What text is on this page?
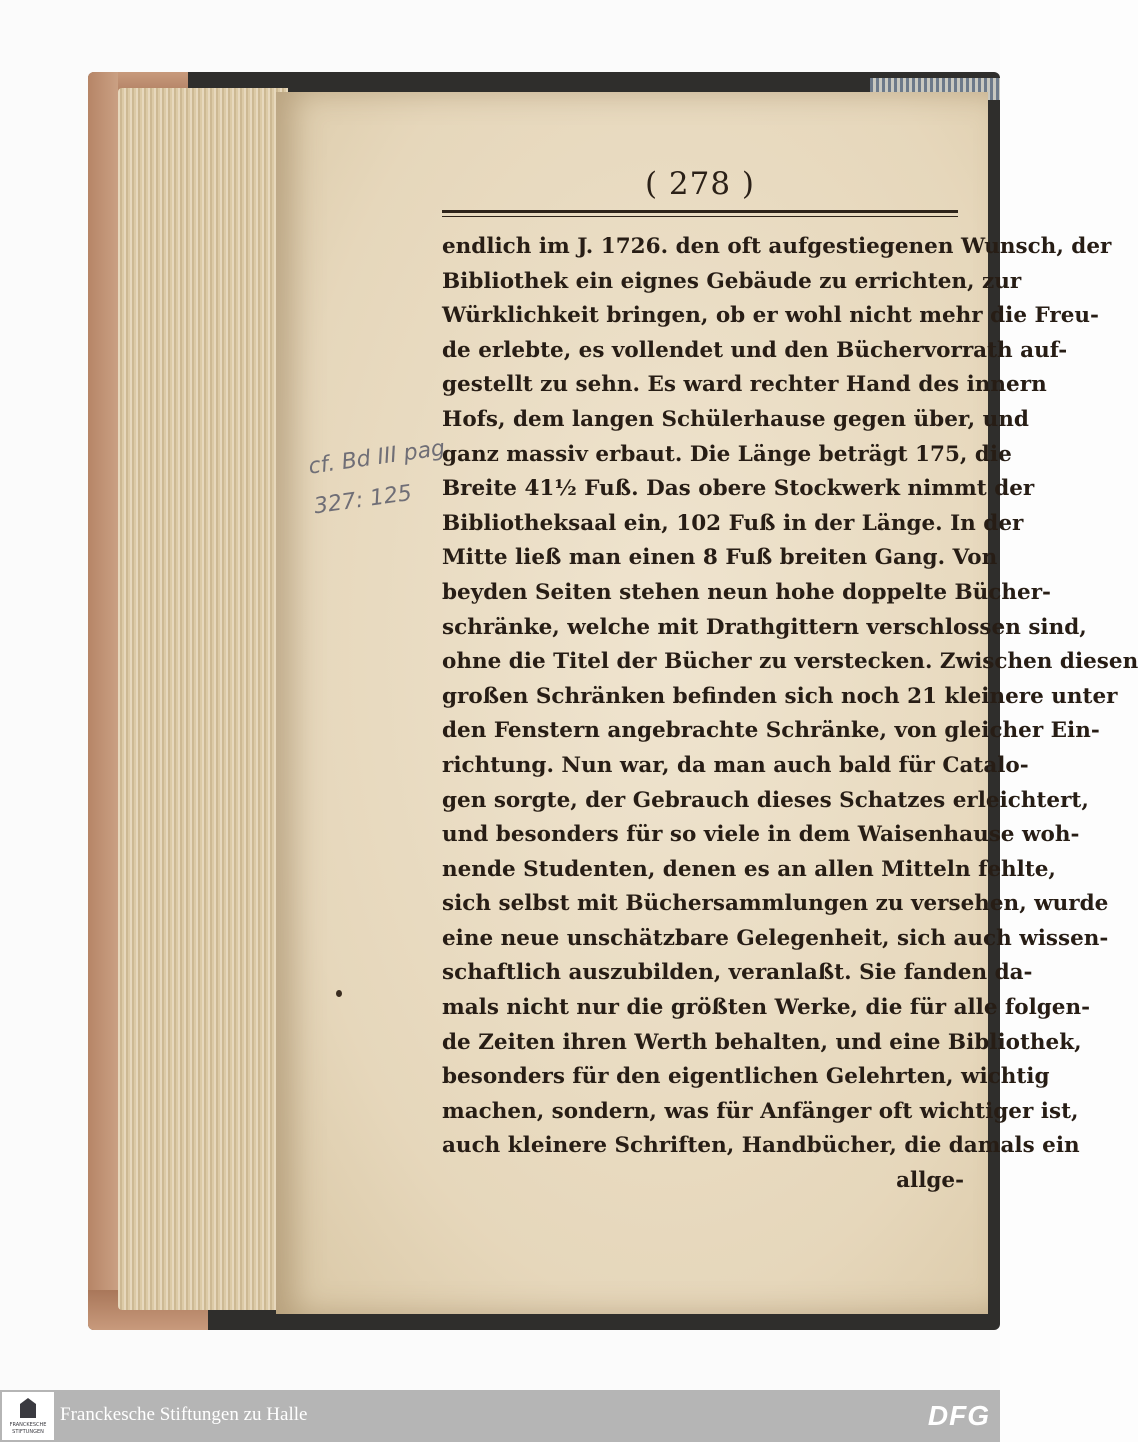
( 278 )
endlich im J. 1726. den oft aufgestiegenen Wunsch, der
Bibliothek ein eignes Gebäude zu errichten, zur
Würklichkeit bringen, ob er wohl nicht mehr die Freu-
de erlebte, es vollendet und den Büchervorrath auf-
gestellt zu sehn. Es ward rechter Hand des innern
Hofs, dem langen Schülerhause gegen über, und
ganz massiv erbaut. Die Länge beträgt 175, die
Breite 41½ Fuß. Das obere Stockwerk nimmt der
Bibliotheksaal ein, 102 Fuß in der Länge. In der
Mitte ließ man einen 8 Fuß breiten Gang. Von
beyden Seiten stehen neun hohe doppelte Bücher-
schränke, welche mit Drathgittern verschlossen sind,
ohne die Titel der Bücher zu verstecken. Zwischen diesen
großen Schränken befinden sich noch 21 kleinere unter
den Fenstern angebrachte Schränke, von gleicher Ein-
richtung. Nun war, da man auch bald für Catalo-
gen sorgte, der Gebrauch dieses Schatzes erleichtert,
und besonders für so viele in dem Waisenhause woh-
nende Studenten, denen es an allen Mitteln fehlte,
sich selbst mit Büchersammlungen zu versehen, wurde
eine neue unschätzbare Gelegenheit, sich auch wissen-
schaftlich auszubilden, veranlaßt. Sie fanden da-
mals nicht nur die größten Werke, die für alle folgen-
de Zeiten ihren Werth behalten, und eine Bibliothek,
besonders für den eigentlichen Gelehrten, wichtig
machen, sondern, was für Anfänger oft wichtiger ist,
auch kleinere Schriften, Handbücher, die damals ein
allge-
cf. Bd III pag
327: 125
FRANCKESCHE
STIFTUNGEN
Franckesche Stiftungen zu Halle	DFG
